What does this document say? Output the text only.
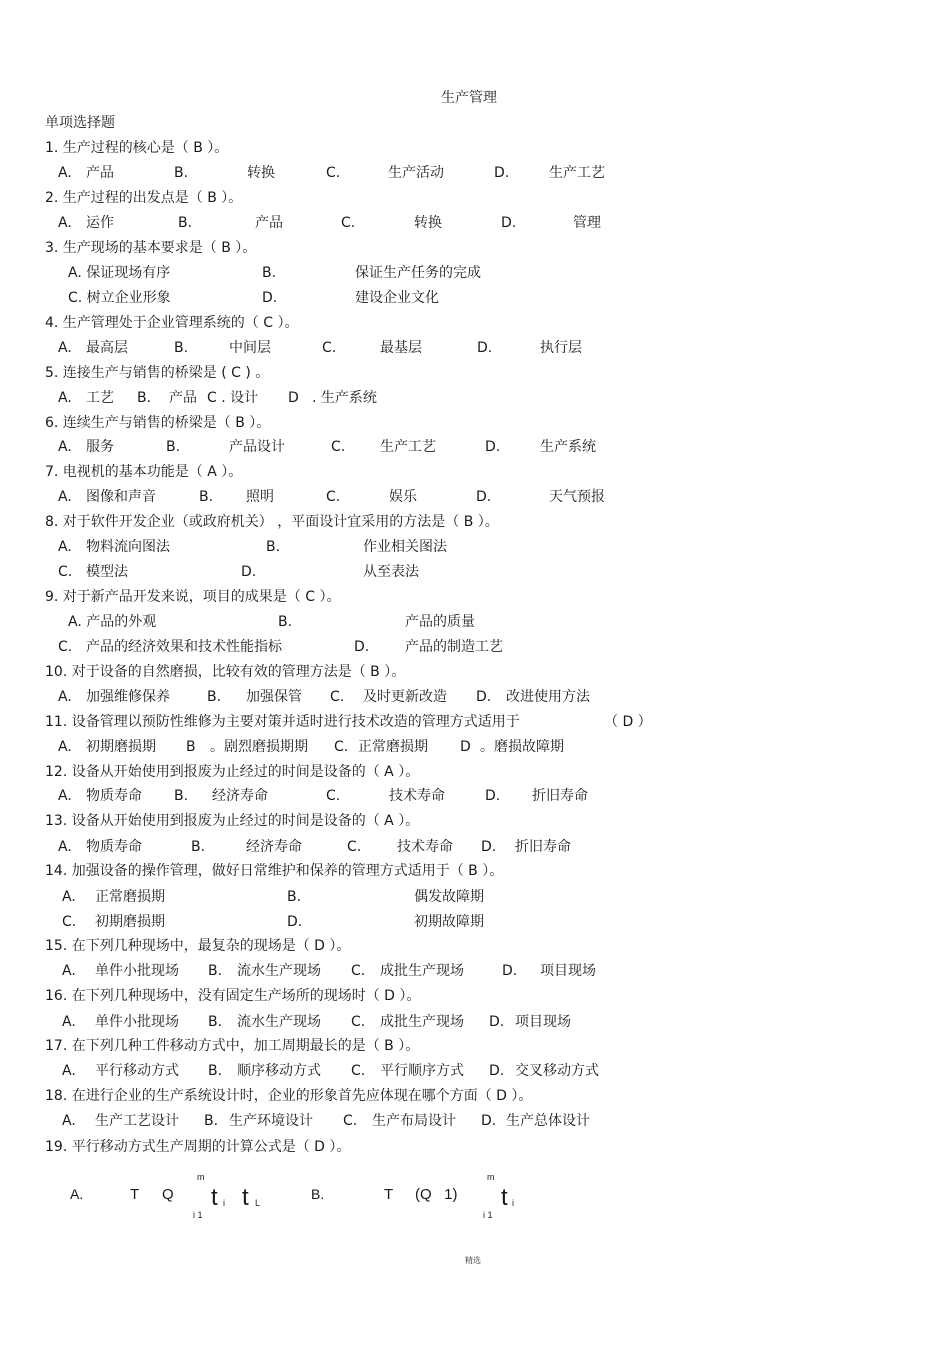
生产管理
单项选择题
1. 生产过程的核心是（ B ）。
A. 产品	B.	转换	C.	生产活动	D.	生产工艺
2. 生产过程的出发点是（ B ）。
A. 运作	B.	产品	C.	转换	D.	管理
3. 生产现场的基本要求是（ B ）。
A. 保证现场有序	B.	保证生产任务的完成
C. 树立企业形象	D.	建设企业文化
4. 生产管理处于企业管理系统的（ C ）。
A. 最高层	B.	中间层	C.	最基层	D.	执行层
5. 连接生产与销售的桥梁是 ( C ) 。
A. 工艺 B. 产品 C . 设计 D . 生产系统
6. 连续生产与销售的桥梁是（ B ）。
A. 服务	B.	产品设计	C. 生产工艺	D.	生产系统
7. 电视机的基本功能是（ A ）。
A. 图像和声音	B. 照明	C.	娱乐	D.	天气预报
8. 对于软件开发企业（或政府机关） ，平面设计宜采用的方法是（ B ）。
A. 物料流向图法	B.	作业相关图法
C. 模型法	D.	从至表法
9. 对于新产品开发来说，项目的成果是（ C ）。
A. 产品的外观	B.	产品的质量
C. 产品的经济效果和技术性能指标	D.	产品的制造工艺
10. 对于设备的自然磨损，比较有效的管理方法是（ B ）。
A. 加强维修保养	B. 加强保管 C. 及时更新改造 D. 改进使用方法
11. 设备管理以预防性维修为主要对策并适时进行技术改造的管理方式适用于	（ D ）
A. 初期磨损期 B 。剧烈磨损期期 C. 正常磨损期 D 。磨损故障期
12. 设备从开始使用到报废为止经过的时间是设备的（ A ）。
A. 物质寿命 B. 经济寿命	C.	技术寿命	D. 折旧寿命
13. 设备从开始使用到报废为止经过的时间是设备的（ A ）。
A. 物质寿命	B.	经济寿命	C.	技术寿命 D. 折旧寿命
14. 加强设备的操作管理，做好日常维护和保养的管理方式适用于（ B ）。
A. 正常磨损期	B.	偶发故障期
C. 初期磨损期	D.	初期故障期
15. 在下列几种现场中，最复杂的现场是（ D ）。
A. 单件小批现场 B. 流水生产现场 C. 成批生产现场	D. 项目现场
16. 在下列几种现场中，没有固定生产场所的现场时（ D ）。
A. 单件小批现场 B. 流水生产现场 C. 成批生产现场 D. 项目现场
17. 在下列几种工件移动方式中，加工周期最长的是（ B ）。
A. 平行移动方式 B. 顺序移动方式 C. 平行顺序方式 D. 交叉移动方式
18. 在进行企业的生产系统设计时，企业的形象首先应体现在哪个方面（ D ）。
A. 生产工艺设计 B. 生产环境设计 C. 生产布局设计 D. 生产总体设计
19. 平行移动方式生产周期的计算公式是（ D ）。
A.	T Q
m
i 1
t i t L
B.	T (Q   1)
m
i 1
t i
精选
